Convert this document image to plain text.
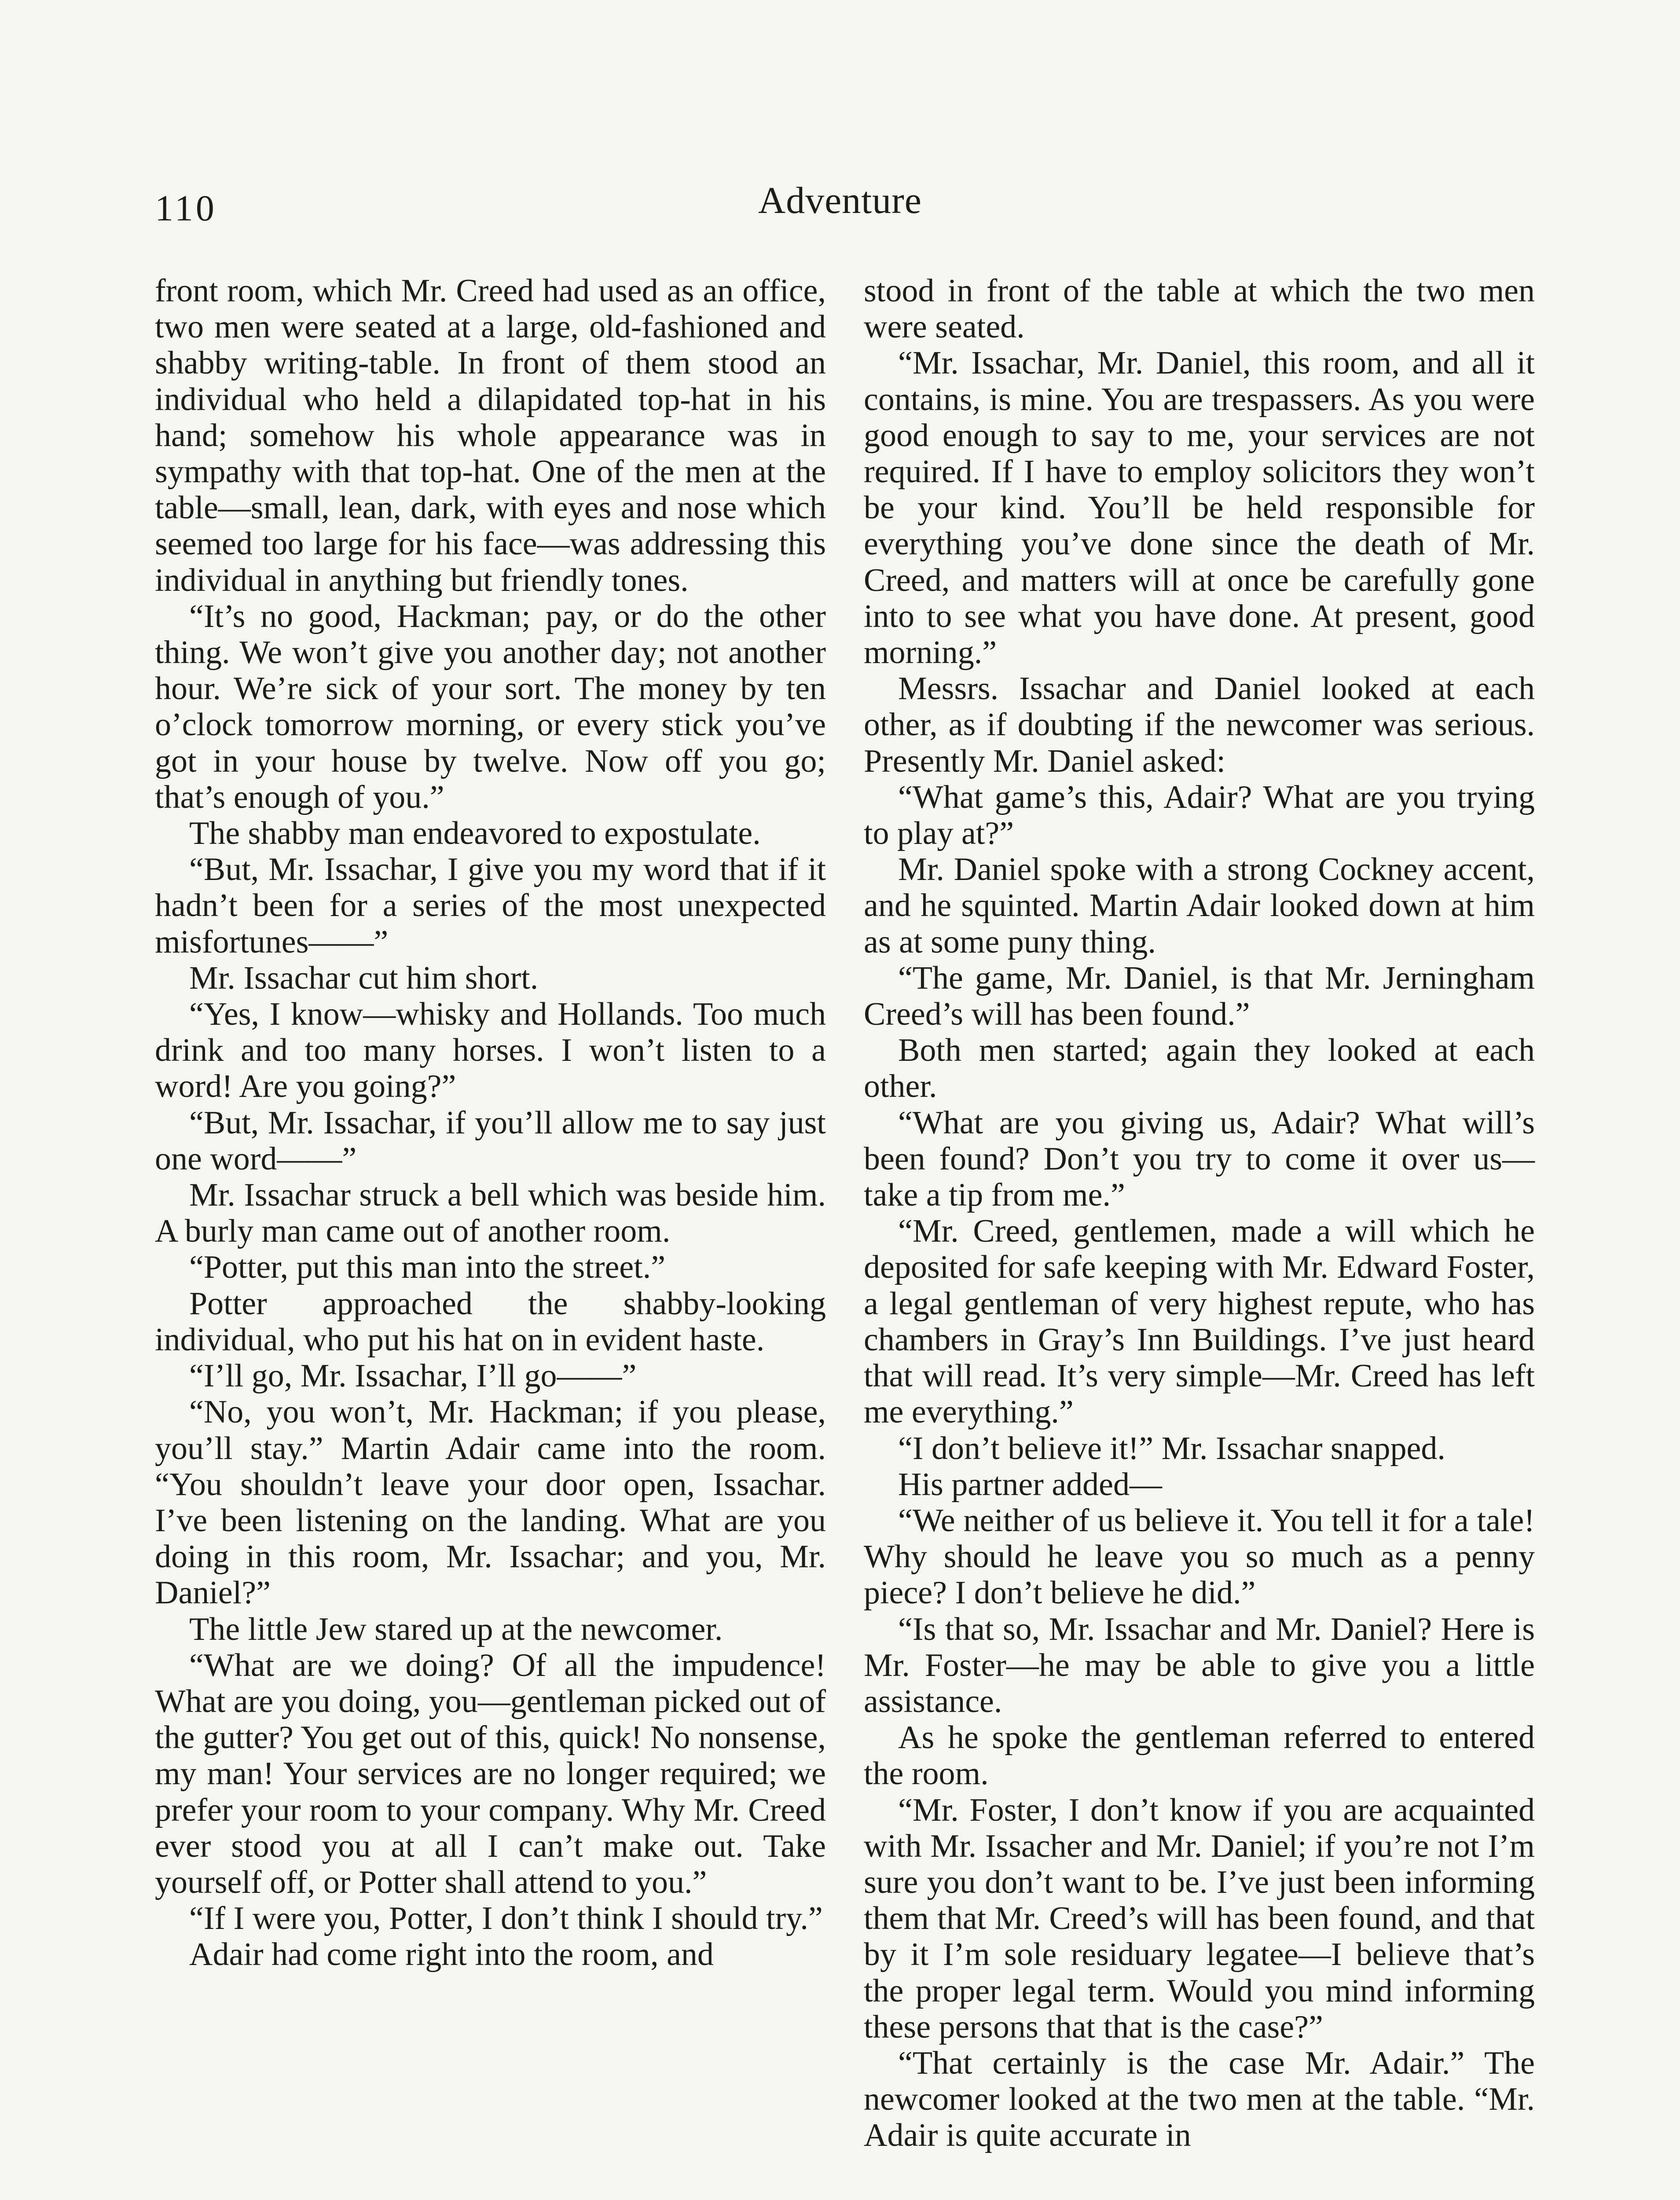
110	Adventure

front room, which Mr. Creed had used as an office, two men were seated at a large, old-fashioned and shabby writing-table. In front of them stood an individual who held a dilapidated top-hat in his hand; somehow his whole appearance was in sympathy with that top-hat. One of the men at the table—small, lean, dark, with eyes and nose which seemed too large for his face—was addressing this individual in anything but friendly tones.

“It’s no good, Hackman; pay, or do the other thing. We won’t give you another day; not another hour. We’re sick of your sort. The money by ten o’clock tomorrow morning, or every stick you’ve got in your house by twelve. Now off you go; that’s enough of you.”

The shabby man endeavored to expostulate.

“But, Mr. Issachar, I give you my word that if it hadn’t been for a series of the most unexpected misfortunes——”

Mr. Issachar cut him short.

“Yes, I know—whisky and Hollands. Too much drink and too many horses. I won’t listen to a word! Are you going?”

“But, Mr. Issachar, if you’ll allow me to say just one word——”

Mr. Issachar struck a bell which was beside him. A burly man came out of another room.

“Potter, put this man into the street.”

Potter approached the shabby-looking individual, who put his hat on in evident haste.

“I’ll go, Mr. Issachar, I’ll go——”

“No, you won’t, Mr. Hackman; if you please, you’ll stay.” Martin Adair came into the room. “You shouldn’t leave your door open, Issachar. I’ve been listening on the landing. What are you doing in this room, Mr. Issachar; and you, Mr. Daniel?”

The little Jew stared up at the newcomer.

“What are we doing? Of all the impudence! What are you doing, you—gentleman picked out of the gutter? You get out of this, quick! No nonsense, my man! Your services are no longer required; we prefer your room to your company. Why Mr. Creed ever stood you at all I can’t make out. Take yourself off, or Potter shall attend to you.”

“If I were you, Potter, I don’t think I should try.”

Adair had come right into the room, and

stood in front of the table at which the two men were seated.

“Mr. Issachar, Mr. Daniel, this room, and all it contains, is mine. You are trespassers. As you were good enough to say to me, your services are not required. If I have to employ solicitors they won’t be your kind. You’ll be held responsible for everything you’ve done since the death of Mr. Creed, and matters will at once be carefully gone into to see what you have done. At present, good morning.”

Messrs. Issachar and Daniel looked at each other, as if doubting if the newcomer was serious. Presently Mr. Daniel asked:

“What game’s this, Adair? What are you trying to play at?”

Mr. Daniel spoke with a strong Cockney accent, and he squinted. Martin Adair looked down at him as at some puny thing.

“The game, Mr. Daniel, is that Mr. Jerningham Creed’s will has been found.”

Both men started; again they looked at each other.

“What are you giving us, Adair? What will’s been found? Don’t you try to come it over us—take a tip from me.”

“Mr. Creed, gentlemen, made a will which he deposited for safe keeping with Mr. Edward Foster, a legal gentleman of very highest repute, who has chambers in Gray’s Inn Buildings. I’ve just heard that will read. It’s very simple—Mr. Creed has left me everything.”

“I don’t believe it!” Mr. Issachar snapped.

His partner added—

“We neither of us believe it. You tell it for a tale! Why should he leave you so much as a penny piece? I don’t believe he did.”

“Is that so, Mr. Issachar and Mr. Daniel? Here is Mr. Foster—he may be able to give you a little assistance.

As he spoke the gentleman referred to entered the room.

“Mr. Foster, I don’t know if you are acquainted with Mr. Issacher and Mr. Daniel; if you’re not I’m sure you don’t want to be. I’ve just been informing them that Mr. Creed’s will has been found, and that by it I’m sole residuary legatee—I believe that’s the proper legal term. Would you mind informing these persons that that is the case?”

“That certainly is the case Mr. Adair.” The newcomer looked at the two men at the table. “Mr. Adair is quite accurate in
